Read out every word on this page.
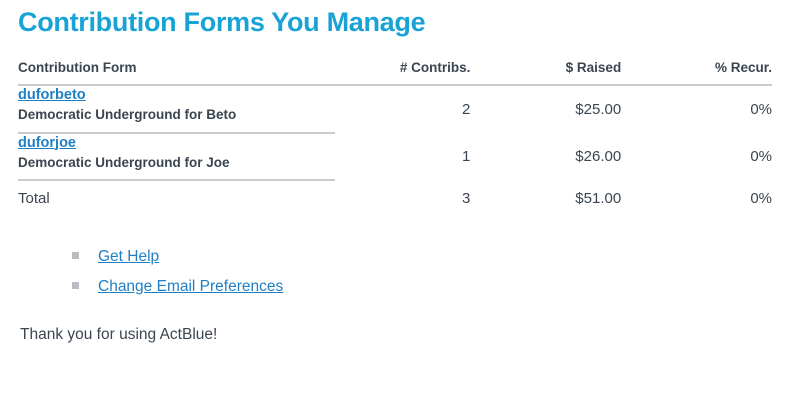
Contribution Forms You Manage
Contribution Form	# Contribs.	$ Raised	% Recur.

duforbeto
Democratic Underground for Beto	2	$25.00	0%

duforjoe
Democratic Underground for Joe	1	$26.00	0%
Total	3	$51.00	0%
Get Help
Change Email Preferences
Thank you for using ActBlue!
